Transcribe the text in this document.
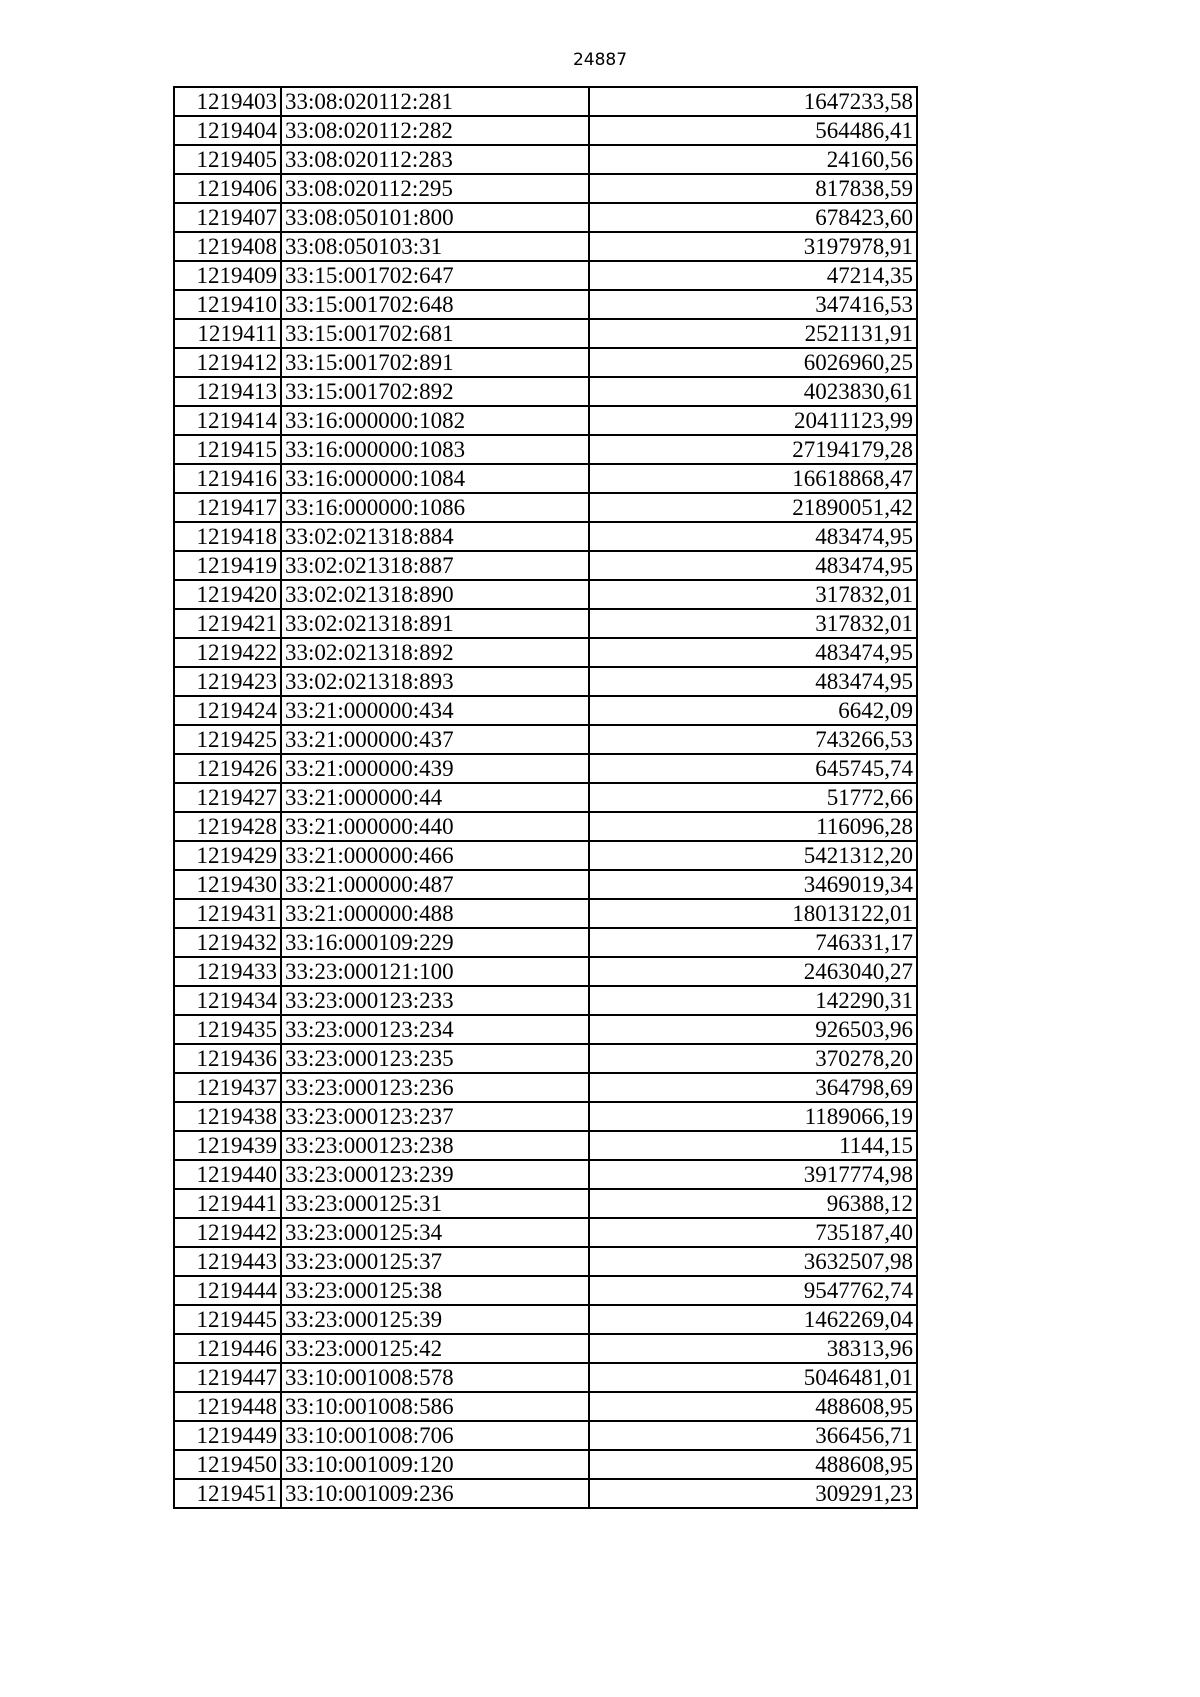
24887
1219403	33:08:020112:281	1647233,58
1219404	33:08:020112:282	564486,41
1219405	33:08:020112:283	24160,56
1219406	33:08:020112:295	817838,59
1219407	33:08:050101:800	678423,60
1219408	33:08:050103:31	3197978,91
1219409	33:15:001702:647	47214,35
1219410	33:15:001702:648	347416,53
1219411	33:15:001702:681	2521131,91
1219412	33:15:001702:891	6026960,25
1219413	33:15:001702:892	4023830,61
1219414	33:16:000000:1082	20411123,99
1219415	33:16:000000:1083	27194179,28
1219416	33:16:000000:1084	16618868,47
1219417	33:16:000000:1086	21890051,42
1219418	33:02:021318:884	483474,95
1219419	33:02:021318:887	483474,95
1219420	33:02:021318:890	317832,01
1219421	33:02:021318:891	317832,01
1219422	33:02:021318:892	483474,95
1219423	33:02:021318:893	483474,95
1219424	33:21:000000:434	6642,09
1219425	33:21:000000:437	743266,53
1219426	33:21:000000:439	645745,74
1219427	33:21:000000:44	51772,66
1219428	33:21:000000:440	116096,28
1219429	33:21:000000:466	5421312,20
1219430	33:21:000000:487	3469019,34
1219431	33:21:000000:488	18013122,01
1219432	33:16:000109:229	746331,17
1219433	33:23:000121:100	2463040,27
1219434	33:23:000123:233	142290,31
1219435	33:23:000123:234	926503,96
1219436	33:23:000123:235	370278,20
1219437	33:23:000123:236	364798,69
1219438	33:23:000123:237	1189066,19
1219439	33:23:000123:238	1144,15
1219440	33:23:000123:239	3917774,98
1219441	33:23:000125:31	96388,12
1219442	33:23:000125:34	735187,40
1219443	33:23:000125:37	3632507,98
1219444	33:23:000125:38	9547762,74
1219445	33:23:000125:39	1462269,04
1219446	33:23:000125:42	38313,96
1219447	33:10:001008:578	5046481,01
1219448	33:10:001008:586	488608,95
1219449	33:10:001008:706	366456,71
1219450	33:10:001009:120	488608,95
1219451	33:10:001009:236	309291,23
